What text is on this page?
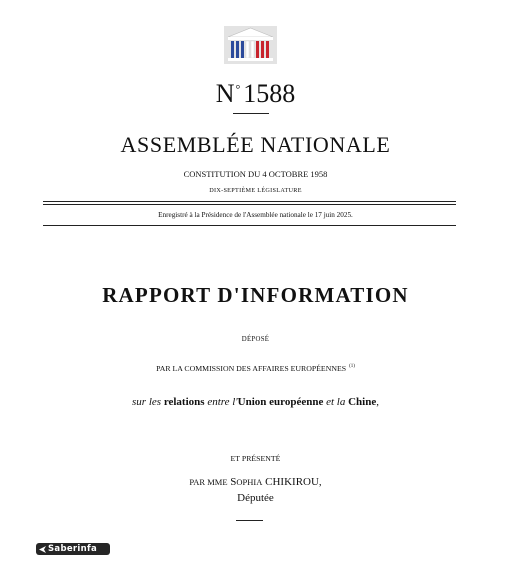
N° 1588
ASSEMBLÉE NATIONALE
CONSTITUTION DU 4 OCTOBRE 1958
DIX-SEPTIÈME LÉGISLATURE
Enregistré à la Présidence de l'Assemblée nationale le 17 juin 2025.
RAPPORT D'INFORMATION
DÉPOSÉ
PAR LA COMMISSION DES AFFAIRES EUROPÉENNES $^{(1)}$
sur les relations entre l'Union européenne et la Chine,
ET PRÉSENTÉ
PAR MME SOPHIA CHIKIROU,
Députée
Saberinfa
